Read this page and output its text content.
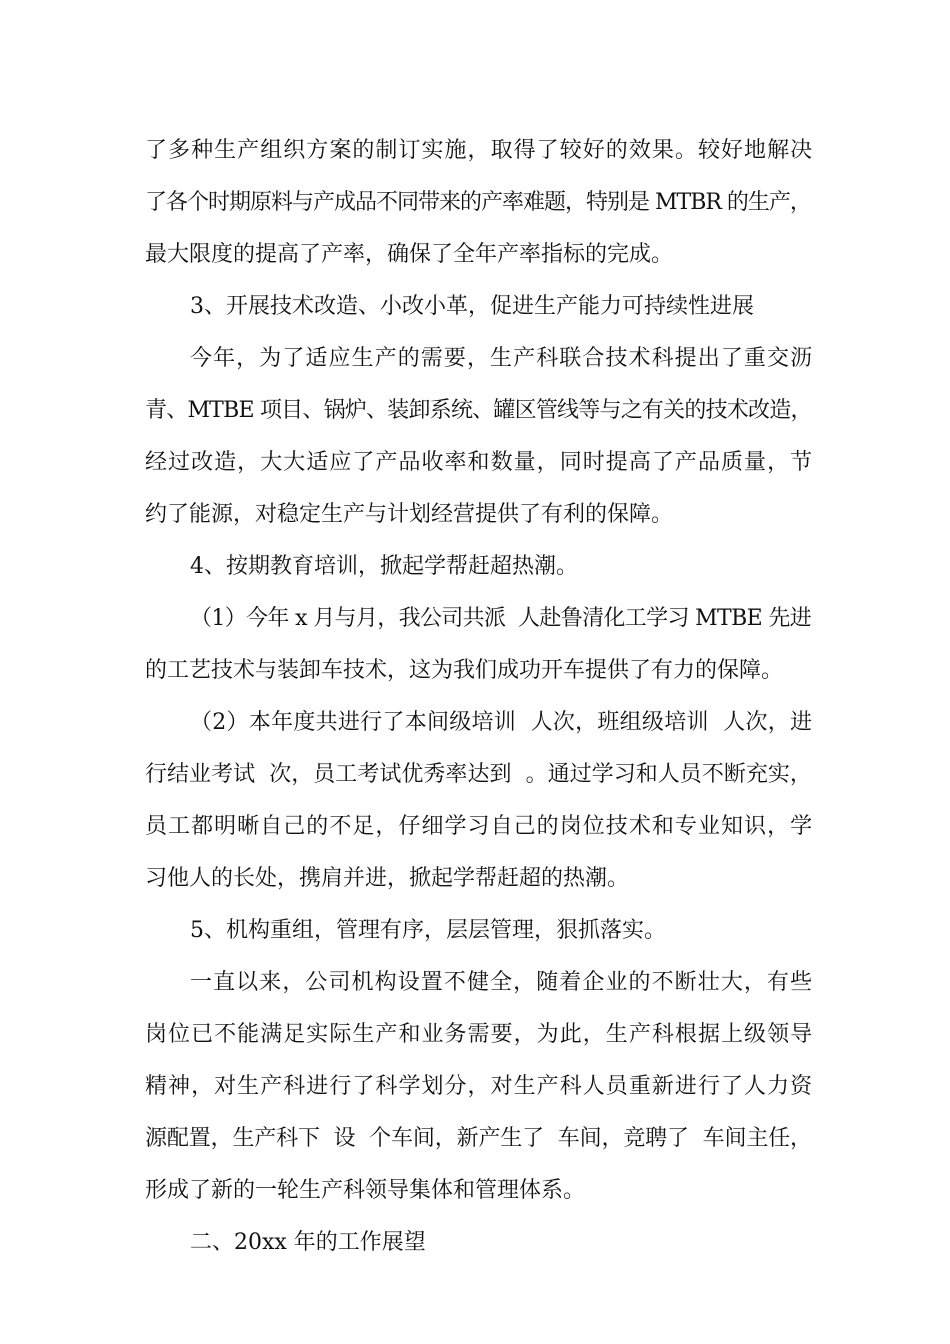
了多种生产组织方案的制订实施，取得了较好的效果。较好地解决

了各个时期原料与产成品不同带来的产率难题，特别是 MTBR 的生产，

最大限度的提高了产率，确保了全年产率指标的完成。

3、开展技术改造、小改小革，促进生产能力可持续性进展

今年，为了适应生产的需要，生产科联合技术科提出了重交沥

青、MTBE 项目、锅炉、装卸系统、罐区管线等与之有关的技术改造，

经过改造，大大适应了产品收率和数量，同时提高了产品质量，节

约了能源，对稳定生产与计划经营提供了有利的保障。

4、按期教育培训，掀起学帮赶超热潮。

（1）今年 x 月与月，我公司共派  人赴鲁清化工学习 MTBE 先进

的工艺技术与装卸车技术，这为我们成功开车提供了有力的保障。

（2）本年度共进行了本间级培训  人次，班组级培训  人次，进

行结业考试  次，员工考试优秀率达到  。通过学习和人员不断充实，

员工都明晰自己的不足，仔细学习自己的岗位技术和专业知识，学

习他人的长处，携肩并进，掀起学帮赶超的热潮。

5、机构重组，管理有序，层层管理，狠抓落实。

一直以来，公司机构设置不健全，随着企业的不断壮大，有些

岗位已不能满足实际生产和业务需要，为此，生产科根据上级领导

精神，对生产科进行了科学划分，对生产科人员重新进行了人力资

源配置，生产科下  设  个车间，新产生了  车间，竞聘了  车间主任，

形成了新的一轮生产科领导集体和管理体系。

二、20xx 年的工作展望
